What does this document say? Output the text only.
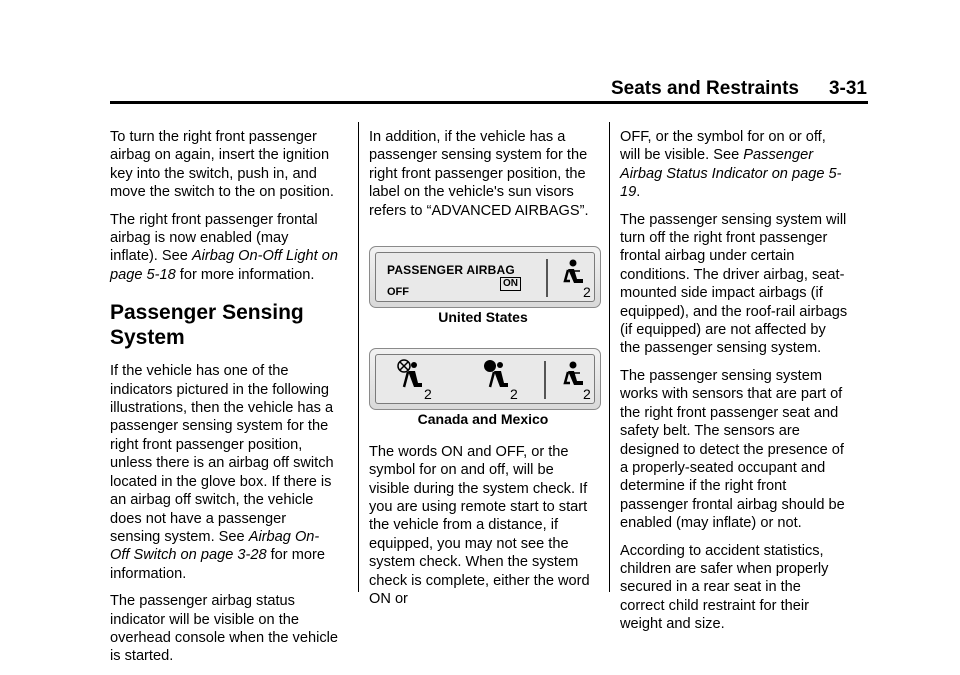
Seats and Restraints 3-31

To turn the right front passenger airbag on again, insert the ignition key into the switch, push in, and move the switch to the on position.

The right front passenger frontal airbag is now enabled (may inflate). See Airbag On-Off Light on page 5-18 for more information.

Passenger Sensing System

If the vehicle has one of the indicators pictured in the following illustrations, then the vehicle has a passenger sensing system for the right front passenger position, unless there is an airbag off switch located in the glove box. If there is an airbag off switch, the vehicle does not have a passenger sensing system. See Airbag On-Off Switch on page 3-28 for more information.

The passenger airbag status indicator will be visible on the overhead console when the vehicle is started.

In addition, if the vehicle has a passenger sensing system for the right front passenger position, the label on the vehicle's sun visors refers to “ADVANCED AIRBAGS”.

PASSENGER AIRBAG
OFF
ON
2

United States

2	2	2

Canada and Mexico

The words ON and OFF, or the symbol for on and off, will be visible during the system check. If you are using remote start to start the vehicle from a distance, if equipped, you may not see the system check. When the system check is complete, either the word ON or

OFF, or the symbol for on or off, will be visible. See Passenger Airbag Status Indicator on page 5-19.

The passenger sensing system will turn off the right front passenger frontal airbag under certain conditions. The driver airbag, seat-mounted side impact airbags (if equipped), and the roof-rail airbags (if equipped) are not affected by the passenger sensing system.

The passenger sensing system works with sensors that are part of the right front passenger seat and safety belt. The sensors are designed to detect the presence of a properly-seated occupant and determine if the right front passenger frontal airbag should be enabled (may inflate) or not.

According to accident statistics, children are safer when properly secured in a rear seat in the correct child restraint for their weight and size.
